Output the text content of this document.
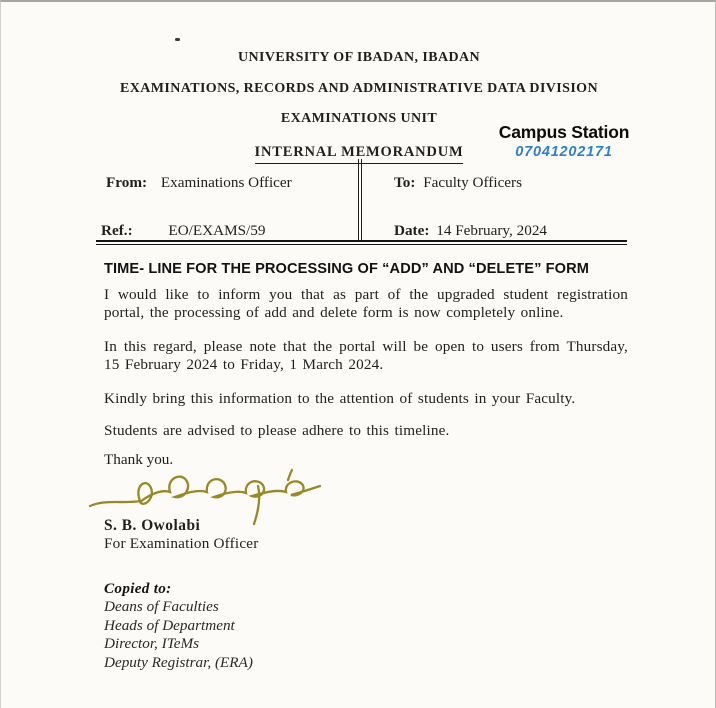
UNIVERSITY OF IBADAN, IBADAN
EXAMINATIONS, RECORDS AND ADMINISTRATIVE DATA DIVISION
EXAMINATIONS UNIT
Campus Station
07041202171
INTERNAL MEMORANDUM
From: Examinations Officer	To: Faculty Officers
Ref.: EO/EXAMS/59	Date: 14 February, 2024
TIME- LINE FOR THE PROCESSING OF “ADD” AND “DELETE” FORM
I would like to inform you that as part of the upgraded student registration portal, the processing of add and delete form is now completely online.
In this regard, please note that the portal will be open to users from Thursday, 15 February 2024 to Friday, 1 March 2024.
Kindly bring this information to the attention of students in your Faculty.
Students are advised to please adhere to this timeline.
Thank you.
S. B. Owolabi
For Examination Officer
Copied to:
Deans of Faculties
Heads of Department
Director, ITeMs
Deputy Registrar, (ERA)
